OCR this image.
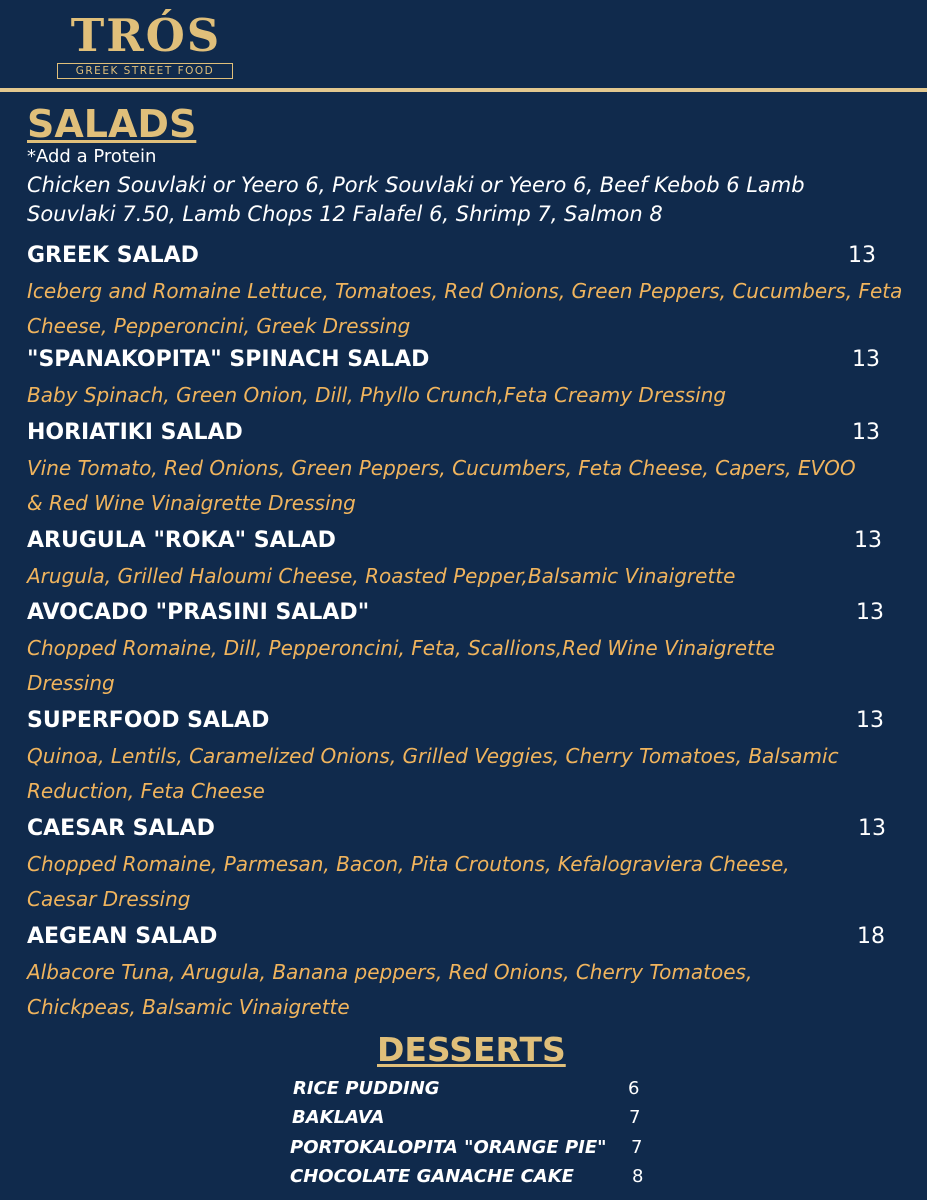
TRÓS
GREEK STREET FOOD
SALADS
*Add a Protein
Chicken Souvlaki or Yeero 6, Pork Souvlaki or Yeero 6, Beef Kebob 6 Lamb
Souvlaki 7.50, Lamb Chops 12 Falafel 6, Shrimp 7, Salmon 8
GREEK SALAD	13
Iceberg and Romaine Lettuce, Tomatoes, Red Onions, Green Peppers, Cucumbers, Feta
Cheese, Pepperoncini, Greek Dressing
"SPANAKOPITA" SPINACH SALAD	13
Baby Spinach, Green Onion, Dill, Phyllo Crunch,Feta Creamy Dressing
HORIATIKI SALAD	13
Vine Tomato, Red Onions, Green Peppers, Cucumbers, Feta Cheese, Capers, EVOO
& Red Wine Vinaigrette Dressing
ARUGULA "ROKA" SALAD	13
Arugula, Grilled Haloumi Cheese, Roasted Pepper,Balsamic Vinaigrette
AVOCADO "PRASINI SALAD"	13
Chopped Romaine, Dill, Pepperoncini, Feta, Scallions,Red Wine Vinaigrette
Dressing
SUPERFOOD SALAD	13
Quinoa, Lentils, Caramelized Onions, Grilled Veggies, Cherry Tomatoes, Balsamic
Reduction, Feta Cheese
CAESAR SALAD	13
Chopped Romaine, Parmesan, Bacon, Pita Croutons, Kefalograviera Cheese,
Caesar Dressing
AEGEAN SALAD	18
Albacore Tuna, Arugula, Banana peppers, Red Onions, Cherry Tomatoes,
Chickpeas, Balsamic Vinaigrette
DESSERTS
RICE PUDDING	6
BAKLAVA	7
PORTOKALOPITA "ORANGE PIE" 7
CHOCOLATE GANACHE CAKE	8
